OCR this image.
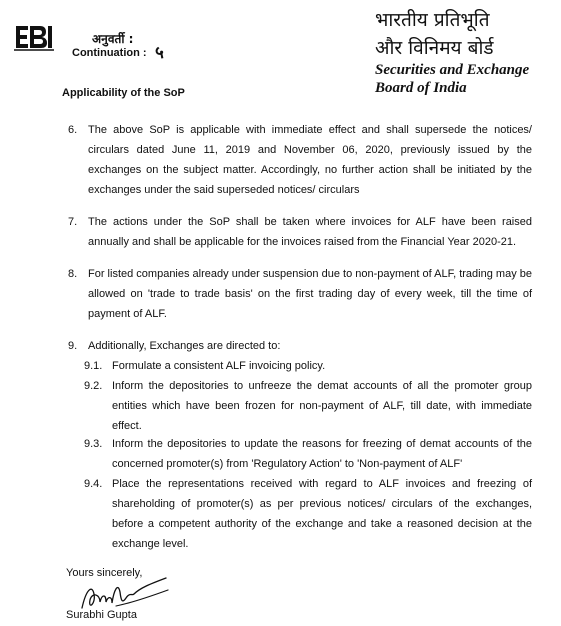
अनुवर्ती :
Continuation : ५
भारतीय प्रतिभूति
और विनिमय बोर्ड
Securities and Exchange
Board of India
Applicability of the SoP
6. The above SoP is applicable with immediate effect and shall supersede the notices/ circulars dated June 11, 2019 and November 06, 2020, previously issued by the exchanges on the subject matter. Accordingly, no further action shall be initiated by the exchanges under the said superseded notices/ circulars
7. The actions under the SoP shall be taken where invoices for ALF have been raised annually and shall be applicable for the invoices raised from the Financial Year 2020-21.
8. For listed companies already under suspension due to non-payment of ALF, trading may be allowed on 'trade to trade basis' on the first trading day of every week, till the time of payment of ALF.
9. Additionally, Exchanges are directed to:
9.1. Formulate a consistent ALF invoicing policy.
9.2. Inform the depositories to unfreeze the demat accounts of all the promoter group entities which have been frozen for non-payment of ALF, till date, with immediate effect.
9.3. Inform the depositories to update the reasons for freezing of demat accounts of the concerned promoter(s) from 'Regulatory Action' to 'Non-payment of ALF'
9.4. Place the representations received with regard to ALF invoices and freezing of shareholding of promoter(s) as per previous notices/ circulars of the exchanges, before a competent authority of the exchange and take a reasoned decision at the exchange level.
Yours sincerely,
Surabhi Gupta
